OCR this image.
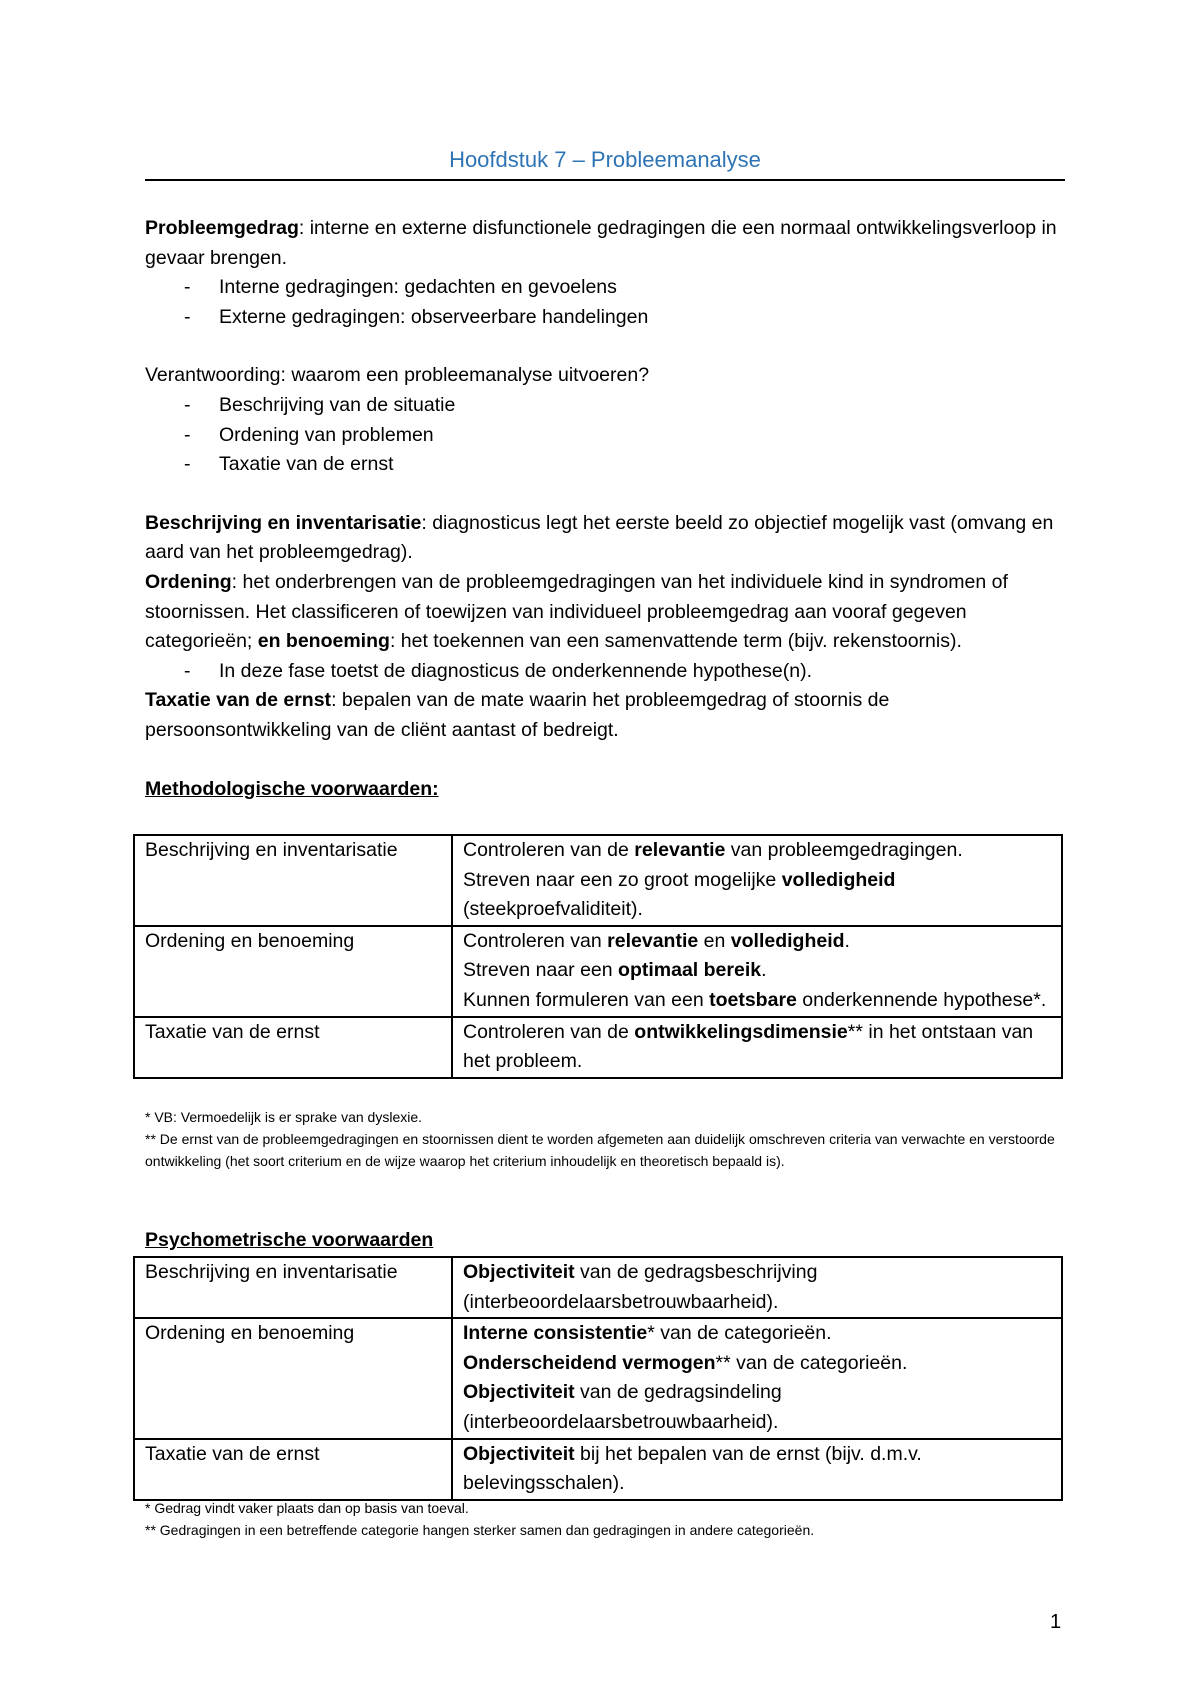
Hoofdstuk 7 – Probleemanalyse

Probleemgedrag: interne en externe disfunctionele gedragingen die een normaal ontwikkelingsverloop in gevaar brengen.

- Interne gedragingen: gedachten en gevoelens

- Externe gedragingen: observeerbare handelingen

Verantwoording: waarom een probleemanalyse uitvoeren?

- Beschrijving van de situatie

- Ordening van problemen

- Taxatie van de ernst

Beschrijving en inventarisatie: diagnosticus legt het eerste beeld zo objectief mogelijk vast (omvang en aard van het probleemgedrag).

Ordening: het onderbrengen van de probleemgedragingen van het individuele kind in syndromen of stoornissen. Het classificeren of toewijzen van individueel probleemgedrag aan vooraf gegeven categorieën; en benoeming: het toekennen van een samenvattende term (bijv. rekenstoornis).

- In deze fase toetst de diagnosticus de onderkennende hypothese(n).

Taxatie van de ernst: bepalen van de mate waarin het probleemgedrag of stoornis de persoonsontwikkeling van de cliënt aantast of bedreigt.

Methodologische voorwaarden:

Beschrijving en inventarisatie	Controleren van de relevantie van probleemgedragingen.

Streven naar een zo groot mogelijke volledigheid

(steekproefvaliditeit).

Ordening en benoeming	Controleren van relevantie en volledigheid.

Streven naar een optimaal bereik.

Kunnen formuleren van een toetsbare onderkennende hypothese*.

Taxatie van de ernst	Controleren van de ontwikkelingsdimensie** in het ontstaan van het probleem.

* VB: Vermoedelijk is er sprake van dyslexie.
** De ernst van de probleemgedragingen en stoornissen dient te worden afgemeten aan duidelijk omschreven criteria van verwachte en verstoorde ontwikkeling (het soort criterium en de wijze waarop het criterium inhoudelijk en theoretisch bepaald is).
Psychometrische voorwaarden
Beschrijving en inventarisatie	Objectiviteit van de gedragsbeschrijving (interbeoordelaarsbetrouwbaarheid).

Ordening en benoeming	Interne consistentie* van de categorieën.

Onderscheidend vermogen** van de categorieën.

Objectiviteit van de gedragsindeling (interbeoordelaarsbetrouwbaarheid).

Taxatie van de ernst	Objectiviteit bij het bepalen van de ernst (bijv. d.m.v. belevingsschalen).

* Gedrag vindt vaker plaats dan op basis van toeval.
** Gedragingen in een betreffende categorie hangen sterker samen dan gedragingen in andere categorieën.
1
